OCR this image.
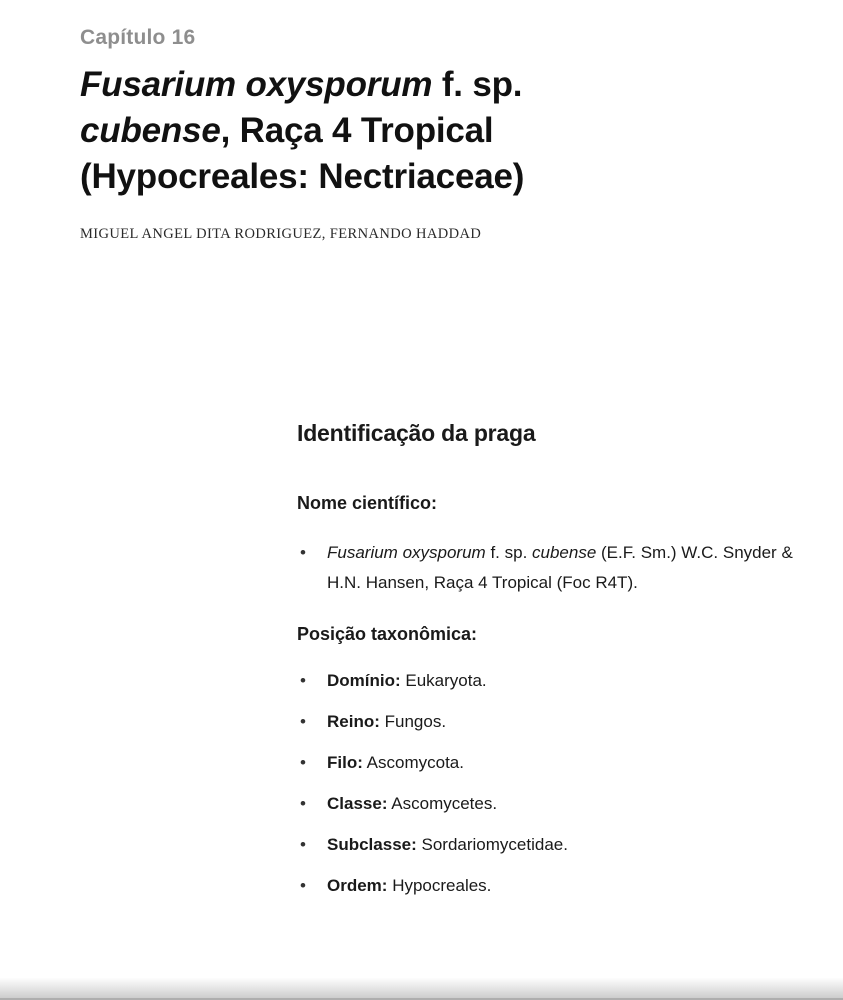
Capítulo 16
Fusarium oxysporum f. sp.
cubense, Raça 4 Tropical
(Hypocreales: Nectriaceae)
MIGUEL ANGEL DITA RODRIGUEZ, FERNANDO HADDAD
Identificação da praga
Nome científico:
• Fusarium oxysporum f. sp. cubense (E.F. Sm.) W.C. Snyder & H.N. Hansen, Raça 4 Tropical (Foc R4T).
Posição taxonômica:
• Domínio: Eukaryota.
• Reino: Fungos.
• Filo: Ascomycota.
• Classe: Ascomycetes.
• Subclasse: Sordariomycetidae.
• Ordem: Hypocreales.
